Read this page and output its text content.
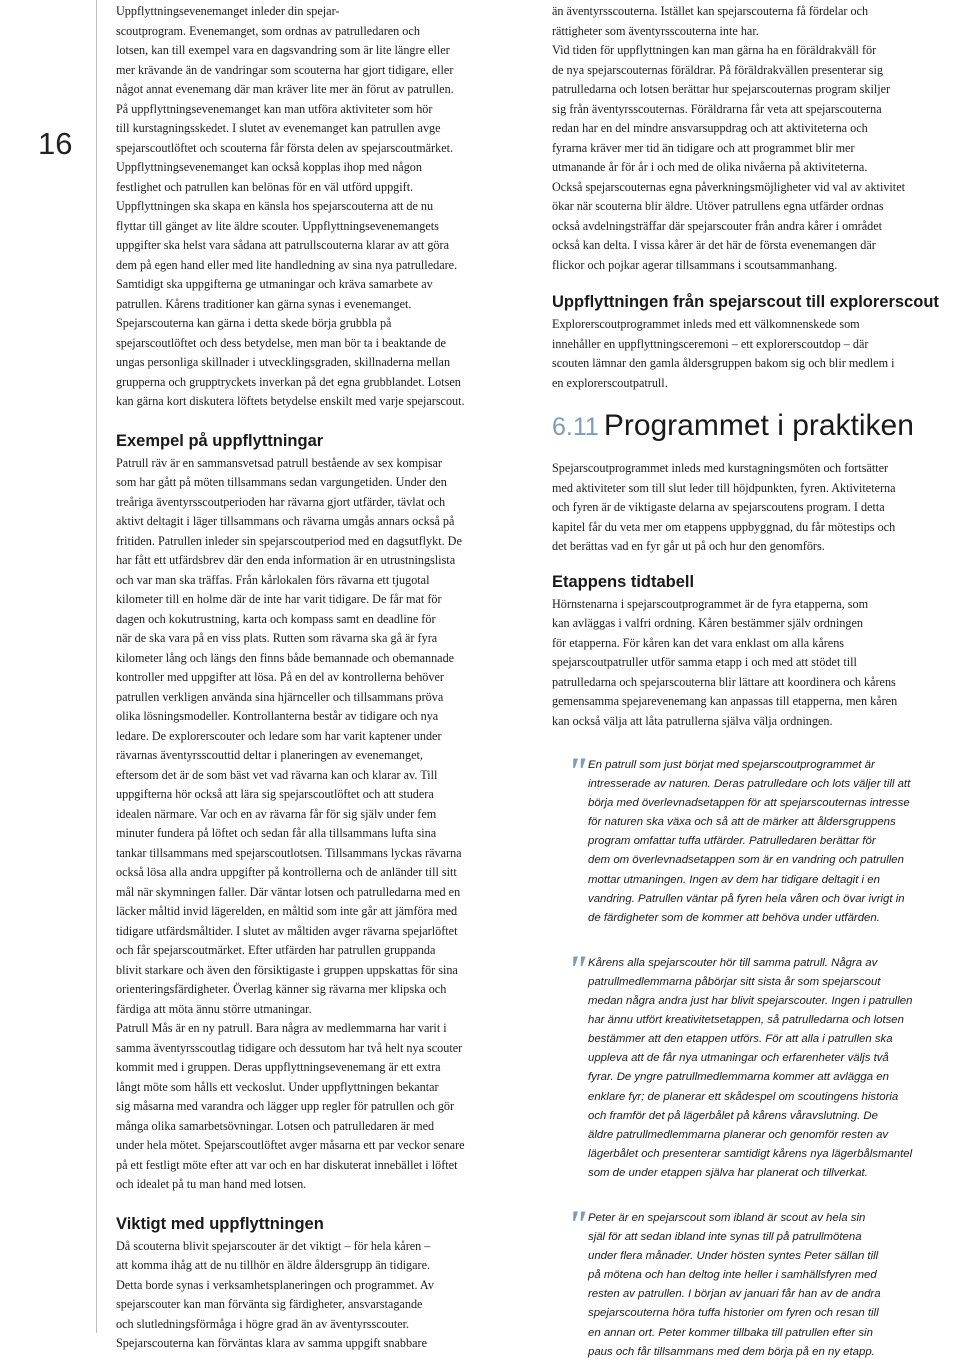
16

Uppflyttningsevenemanget inleder din spejar-
scoutprogram. Evenemanget, som ordnas av patrulledaren och
lotsen, kan till exempel vara en dagsvandring som är lite längre eller
mer krävande än de vandringar som scouterna har gjort tidigare, eller
något annat evenemang där man kräver lite mer än förut av patrullen.
På uppflyttningsevenemanget kan man utföra aktiviteter som hör
till kurstagningsskedet. I slutet av evenemanget kan patrullen avge
spejarscoutlöftet och scouterna får första delen av spejarscoutmärket.
Uppflyttningsevenemanget kan också kopplas ihop med någon
festlighet och patrullen kan belönas för en väl utförd uppgift.
Uppflyttningen ska skapa en känsla hos spejarscouterna att de nu
flyttar till gänget av lite äldre scouter. Uppflyttningsevenemangets
uppgifter ska helst vara sådana att patrullscouterna klarar av att göra
dem på egen hand eller med lite handledning av sina nya patrulledare.
Samtidigt ska uppgifterna ge utmaningar och kräva samarbete av
patrullen. Kårens traditioner kan gärna synas i evenemanget.

Spejarscouterna kan gärna i detta skede börja grubbla på
spejarscoutlöftet och dess betydelse, men man bör ta i beaktande de
ungas personliga skillnader i utvecklingsgraden, skillnaderna mellan
grupperna och grupptryckets inverkan på det egna grubblandet. Lotsen
kan gärna kort diskutera löftets betydelse enskilt med varje spejarscout.

Exempel på uppflyttningar

Patrull räv är en sammansvetsad patrull bestående av sex kompisar
som har gått på möten tillsammans sedan vargungetiden. Under den
treåriga äventyrsscoutperioden har rävarna gjort utfärder, tävlat och
aktivt deltagit i läger tillsammans och rävarna umgås annars också på
fritiden. Patrullen inleder sin spejarscoutperiod med en dagsutflykt. De
har fått ett utfärdsbrev där den enda information är en utrustningslista
och var man ska träffas. Från kårlokalen förs rävarna ett tjugotal
kilometer till en holme där de inte har varit tidigare. De får mat för
dagen och kokutrustning, karta och kompass samt en deadline för
när de ska vara på en viss plats. Rutten som rävarna ska gå är fyra
kilometer lång och längs den finns både bemannade och obemannade
kontroller med uppgifter att lösa. På en del av kontrollerna behöver
patrullen verkligen använda sina hjärnceller och tillsammans pröva
olika lösningsmodeller. Kontrollanterna består av tidigare och nya
ledare. De explorerscouter och ledare som har varit kaptener under
rävarnas äventyrsscouttid deltar i planeringen av evenemanget,
eftersom det är de som bäst vet vad rävarna kan och klarar av. Till
uppgifterna hör också att lära sig spejarscoutlöftet och att studera
idealen närmare. Var och en av rävarna får för sig själv under fem
minuter fundera på löftet och sedan får alla tillsammans lufta sina
tankar tillsammans med spejarscoutlotsen. Tillsammans lyckas rävarna
också lösa alla andra uppgifter på kontrollerna och de anländer till sitt
mål när skymningen faller. Där väntar lotsen och patrulledarna med en
läcker måltid invid lägerelden, en måltid som inte går att jämföra med
tidigare utfärdsmåltider. I slutet av måltiden avger rävarna spejarlöftet
och får spejarscoutmärket. Efter utfärden har patrullen gruppanda
blivit starkare och även den försiktigaste i gruppen uppskattas för sina
orienteringsfärdigheter. Överlag känner sig rävarna mer klipska och
färdiga att möta ännu större utmaningar.

Patrull Mås är en ny patrull. Bara några av medlemmarna har varit i
samma äventyrsscoutlag tidigare och dessutom har två helt nya scouter
kommit med i gruppen. Deras uppflyttningsevenemang är ett extra
långt möte som hålls ett veckoslut. Under uppflyttningen bekantar
sig måsarna med varandra och lägger upp regler för patrullen och gör
många olika samarbetsövningar. Lotsen och patrulledaren är med
under hela mötet. Spejarscoutlöftet avger måsarna ett par veckor senare
på ett festligt möte efter att var och en har diskuterat innebället i löftet
och idealet på tu man hand med lotsen.

Viktigt med uppflyttningen

Då scouterna blivit spejarscouter är det viktigt – för hela kåren –
att komma ihåg att de nu tillhör en äldre åldersgrupp än tidigare.
Detta borde synas i verksamhetsplaneringen och programmet. Av
spejarscouter kan man förvänta sig färdigheter, ansvarstagande
och slutledningsförmåga i högre grad än av äventyrsscouter.
Spejarscouterna kan förväntas klara av samma uppgift snabbare

än äventyrsscouterna. Istället kan spejarscouterna få fördelar och
rättigheter som äventyrsscouterna inte har.
Vid tiden för uppflyttningen kan man gärna ha en föräldrakväll för
de nya spejarscouternas föräldrar. På föräldrakvällen presenterar sig
patrulledarna och lotsen berättar hur spejarscouternas program skiljer
sig från äventyrsscouternas. Föräldrarna får veta att spejarscouterna
redan har en del mindre ansvarsuppdrag och att aktiviteterna och
fyrarna kräver mer tid än tidigare och att programmet blir mer
utmanande år för år i och med de olika nivåerna på aktiviteterna.
Också spejarscouternas egna påverkningsmöjligheter vid val av aktivitet
ökar när scouterna blir äldre. Utöver patrullens egna utfärder ordnas
också avdelningsträffar där spejarscouter från andra kårer i området
också kan delta. I vissa kårer är det här de första evenemangen där
flickor och pojkar agerar tillsammans i scoutsammanhang.

Uppflyttningen från spejarscout till explorerscout

Explorerscoutprogrammet inleds med ett välkomnenskede som
innehåller en uppflyttningsceremoni – ett explorerscoutdop – där
scouten lämnar den gamla åldersgruppen bakom sig och blir medlem i
en explorerscoutpatrull.

6.11 Programmet i praktiken

Spejarscoutprogrammet inleds med kurstagningsmöten och fortsätter
med aktiviteter som till slut leder till höjdpunkten, fyren. Aktiviteterna
och fyren är de viktigaste delarna av spejarscoutens program. I detta
kapitel får du veta mer om etappens uppbyggnad, du får mötestips och
det berättas vad en fyr går ut på och hur den genomförs.

Etappens tidtabell

Hörnstenarna i spejarscoutprogrammet är de fyra etapperna, som
kan avläggas i valfri ordning. Kåren bestämmer själv ordningen
för etapperna. För kåren kan det vara enklast om alla kårens
spejarscoutpatruller utför samma etapp i och med att stödet till
patrulledarna och spejarscouterna blir lättare att koordinera och kårens
gemensamma spejarevenemang kan anpassas till etapperna, men kåren
kan också välja att låta patrullerna själva välja ordningen.

" En patrull som just börjat med spejarscoutprogrammet är
intresserade av naturen. Deras patrulledare och lots väljer till att
börja med överlevnadsetappen för att spejarscouternas intresse
för naturen ska växa och så att de märker att åldersgruppens
program omfattar tuffa utfärder. Patrulledaren berättar för
dem om överlevnadsetappen som är en vandring och patrullen
mottar utmaningen. Ingen av dem har tidigare deltagit i en
vandring. Patrullen väntar på fyren hela våren och övar ivrigt in
de färdigheter som de kommer att behöva under utfärden.

" Kårens alla spejarscouter hör till samma patrull. Några av
patrullmedlemmarna påbörjar sitt sista år som spejarscout
medan några andra just har blivit spejarscouter. Ingen i patrullen
har ännu utfört kreativitetsetappen, så patrulledarna och lotsen
bestämmer att den etappen utförs. För att alla i patrullen ska
uppleva att de får nya utmaningar och erfarenheter väljs två
fyrar. De yngre patrullmedlemmarna kommer att avlägga en
enklare fyr; de planerar ett skådespel om scoutingens historia
och framför det på lägerbålet på kårens våravslutning. De
äldre patrullmedlemmarna planerar och genomför resten av
lägerbålet och presenterar samtidigt kårens nya lägerbålsmantel
som de under etappen själva har planerat och tillverkat.

" Peter är en spejarscout som ibland är scout av hela sin
själ för att sedan ibland inte synas till på patrullmötena
under flera månader. Under hösten syntes Peter sällan till
på mötena och han deltog inte heller i samhällsfyren med
resten av patrullen. I början av januari får han av de andra
spejarscouterna höra tuffa historier om fyren och resan till
en annan ort. Peter kommer tillbaka till patrullen efter sin
paus och får tillsammans med dem börja på en ny etapp.
